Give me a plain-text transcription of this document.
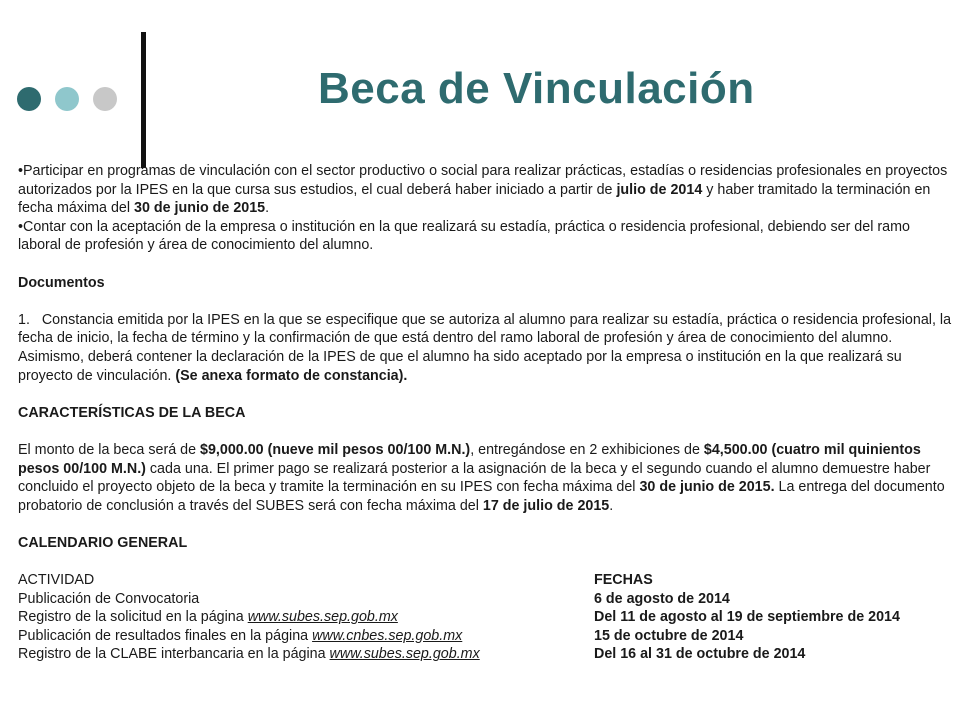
Beca de Vinculación

•Participar en programas de vinculación con el sector productivo o social para realizar prácticas, estadías o residencias profesionales en proyectos autorizados por la IPES en la que cursa sus estudios, el cual deberá haber iniciado a partir de julio de 2014 y haber tramitado la terminación en fecha máxima del 30 de junio de 2015.

•Contar con la aceptación de la empresa o institución en la que realizará su estadía, práctica o residencia profesional, debiendo ser del ramo laboral de profesión y área de conocimiento del alumno.

Documentos

1. Constancia emitida por la IPES en la que se especifique que se autoriza al alumno para realizar su estadía, práctica o residencia profesional, la fecha de inicio, la fecha de término y la confirmación de que está dentro del ramo laboral de profesión y área de conocimiento del alumno. Asimismo, deberá contener la declaración de la IPES de que el alumno ha sido aceptado por la empresa o institución en la que realizará su proyecto de vinculación. (Se anexa formato de constancia).

CARACTERÍSTICAS DE LA BECA

El monto de la beca será de $9,000.00 (nueve mil pesos 00/100 M.N.), entregándose en 2 exhibiciones de $4,500.00 (cuatro mil quinientos pesos 00/100 M.N.) cada una. El primer pago se realizará posterior a la asignación de la beca y el segundo cuando el alumno demuestre haber concluido el proyecto objeto de la beca y tramite la terminación en su IPES con fecha máxima del 30 de junio de 2015. La entrega del documento probatorio de conclusión a través del SUBES será con fecha máxima del 17 de julio de 2015.

CALENDARIO GENERAL

ACTIVIDAD	FECHAS
Publicación de Convocatoria	6 de agosto de 2014
Registro de la solicitud en la página www.subes.sep.gob.mx	Del 11 de agosto al 19 de septiembre de 2014
Publicación de resultados finales en la página www.cnbes.sep.gob.mx	15 de octubre de 2014
Registro de la CLABE interbancaria en la página www.subes.sep.gob.mx	Del 16 al 31 de octubre de 2014
